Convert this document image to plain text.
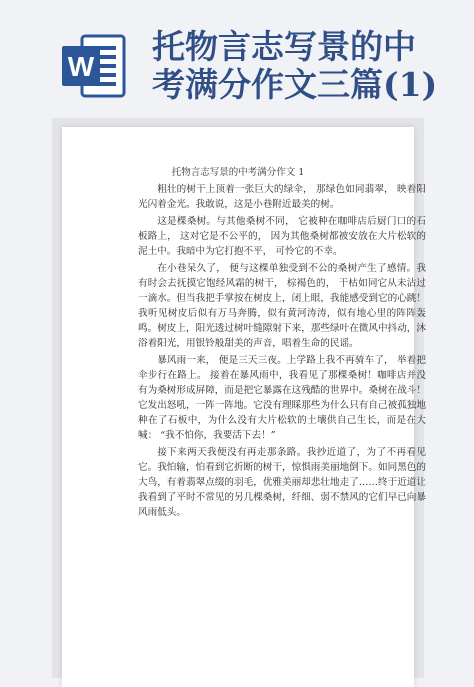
W
托物言志写景的中
考满分作文三篇(1)
托物言志写景的中考满分作文 1

粗壮的树干上顶着一张巨大的绿伞， 那绿色如同翡翠， 映着阳光闪着金光。我敢说，这是小巷附近最美的树。

这是棵桑树。与其他桑树不同， 它被种在咖啡店后厨门口的石板路上， 这对它是不公平的， 因为其他桑树都被安放在大片松软的泥土中。我暗中为它打抱不平， 可怜它的不幸。

在小巷呆久了， 便与这棵单独受到不公的桑树产生了感情。我有时会去抚摸它饱经风霜的树干， 棕褐色的， 干枯如同它从未沾过一滴水。但当我把手掌按在树皮上，闭上眼，我能感受到它的心跳！我听见树皮后似有万马奔腾，似有黄河涛涛，似有地心里的阵阵轰鸣。树皮上，阳光透过树叶缝隙射下来，那些绿叶在微风中抖动，沐浴着阳光，用银铃般甜美的声音，唱着生命的民谣。

暴风雨一来， 便是三天三夜。上学路上我不再骑车了， 举着把伞步行在路上。 接着在暴风雨中，我看见了那棵桑树！咖啡店并没有为桑树形成屏障，而是把它暴露在这残酷的世界中。桑树在战斗！它发出怒吼，一阵一阵地。它没有理睬那些为什么只有自己被孤独地种在了石板中，为什么没有大片松软的土壤供自己生长，而是在大喊： “我不怕你，我要活下去！”

接下来两天我便没有再走那条路。我抄近道了，为了不再看见它。我怕输，怕看到它折断的树干，惊惧雨美丽地倒下。如同黑色的大鸟，有着翡翠点缀的羽毛，优雅美丽却悲壮地走了……终于近道让我看到了平时不常见的另几棵桑树，纤细、弱不禁风的它们早已向暴风雨低头。
